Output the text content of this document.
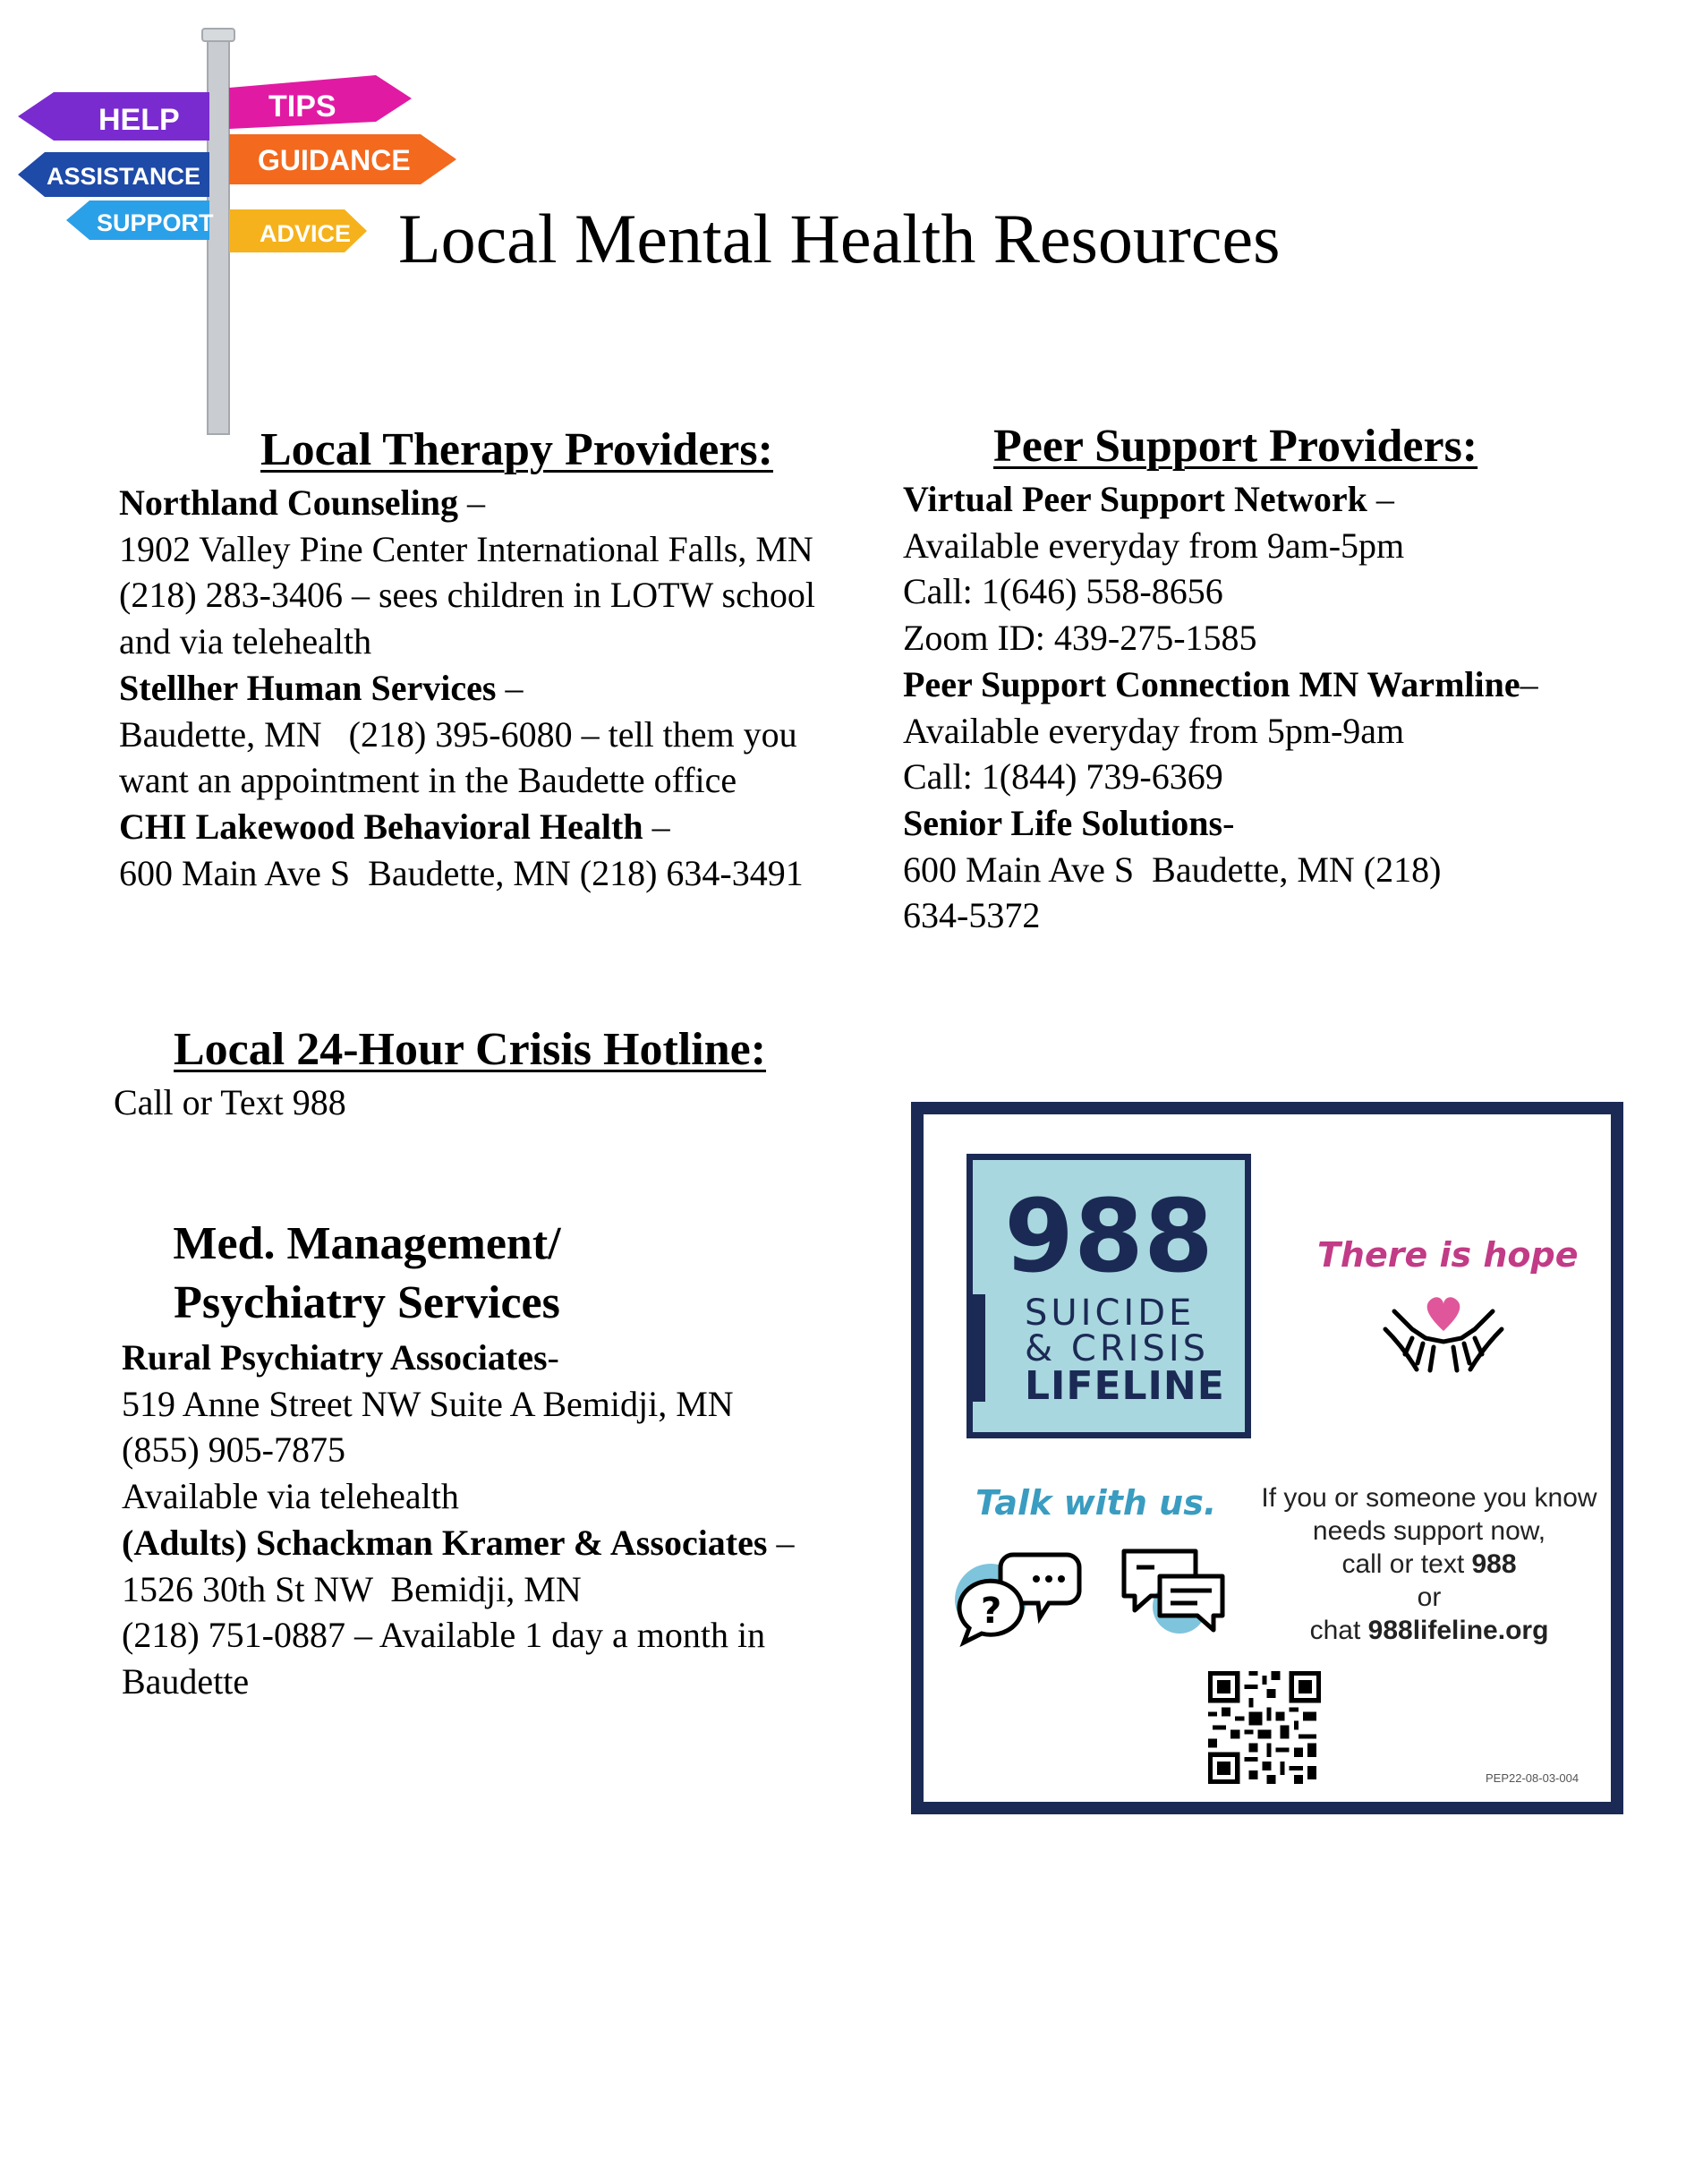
HELP	TIPS
ASSISTANCE GUIDANCE
SUPPORT ADVICE Local Mental Health Resources
Local Therapy Providers:

Northland Counseling –

1902 Valley Pine Center International Falls, MN

(218) 283-3406 – sees children in LOTW school and via telehealth

Stellher Human Services –

Baudette, MN   (218) 395-6080 – tell them you want an appointment in the Baudette office

CHI Lakewood Behavioral Health –

600 Main Ave S  Baudette, MN (218) 634-3491

Peer Support Providers:

Virtual Peer Support Network –

Available everyday from 9am-5pm

Call: 1(646) 558-8656

Zoom ID: 439-275-1585

Peer Support Connection MN Warmline–

Available everyday from 5pm-9am

Call: 1(844) 739-6369

Senior Life Solutions-

600 Main Ave S  Baudette, MN (218) 634-5372

Local 24-Hour Crisis Hotline:

Call or Text 988

Med. Management/
Psychiatry Services

Rural Psychiatry Associates-

519 Anne Street NW Suite A Bemidji, MN

(855) 905-7875

Available via telehealth

(Adults) Schackman Kramer & Associates –

1526 30th St NW  Bemidji, MN

(218) 751-0887 – Available 1 day a month in Baudette

988
SUICIDE
& CRISIS
LIFELINE
There is hope
Talk with us.
?
If you or someone you know needs support now,
call or text 988
or
chat 988lifeline.org
PEP22-08-03-004
